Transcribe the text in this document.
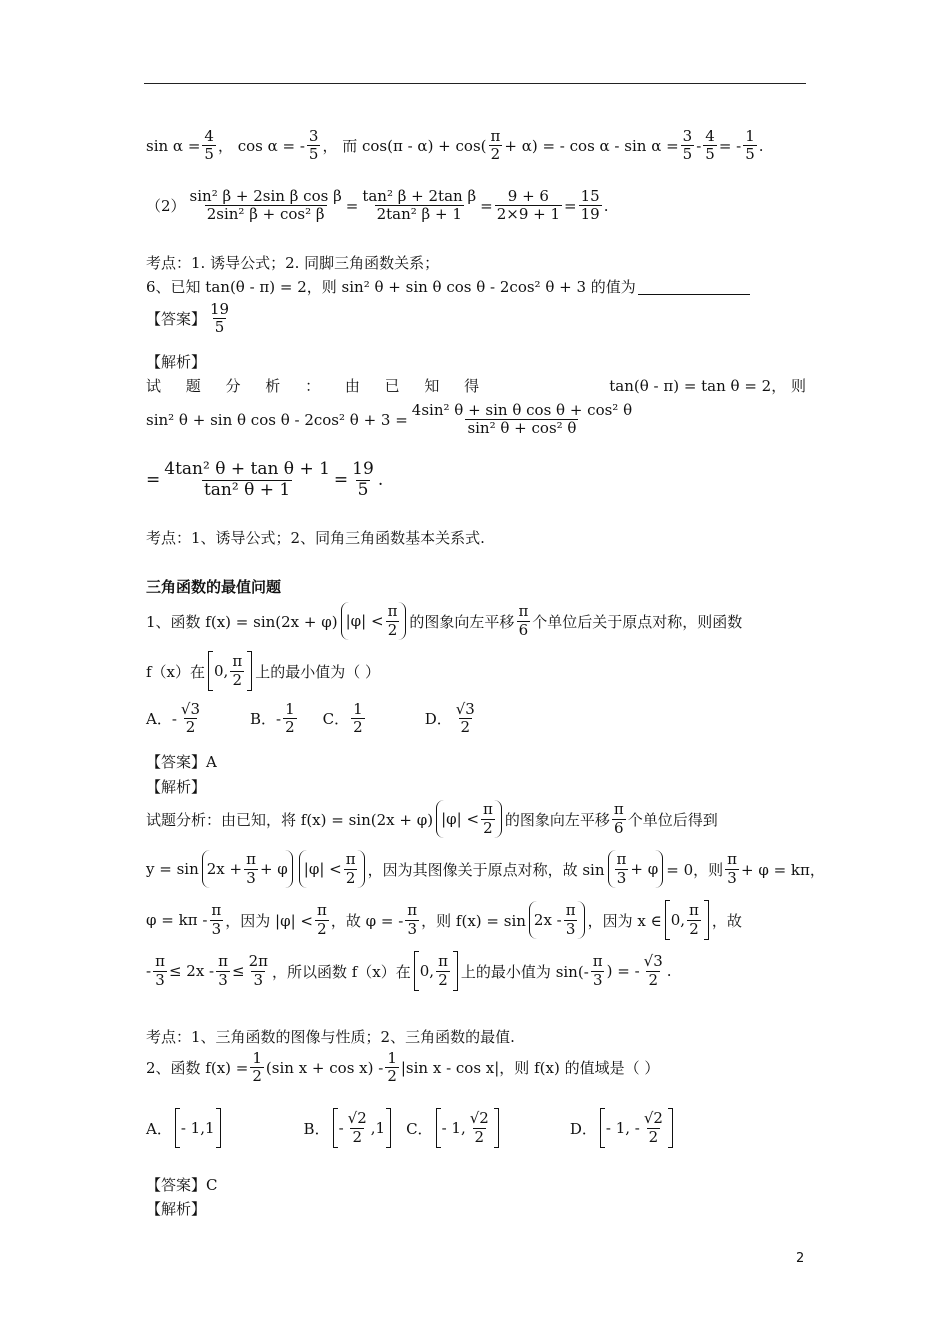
$\sin \alpha = \frac{4}{5}$ ， cos α = - $\frac{3}{5}$ ， 而 $\cos(\pi - \alpha) + \cos( \frac{\pi}{2} + \alpha)$ = - $\cos \alpha - \sin \alpha = \frac{3}{5} - \frac{4}{5}$ = - $\frac{1}{5}$ .
$(2) \frac{\text{sin² β + 2sin β cos β}}{\text{2sin² β + cos² β}} = \frac{\text{tan² β + 2tan β}}{\text{2tan² β + 1}} = \frac{9 + 6}{2\times 9 + 1} = \frac{15}{19}$ .
考点：1. 诱导公式；2. 同脚三角函数关系；
6、已知 tan(θ - π) = 2，则 sin² θ + sin θ cos θ - 2cos² θ + 3 的值为
【答案】 $\frac{19}{5}$
【解析】
试 题 分 析 ： 由 已 知 得	tan(θ - π) = tan θ = 2， 则
sin² θ + sin θ cos θ - 2cos² $\theta + 3 = \frac{\text{4sin² θ + sin θ cos θ + cos² θ}}{\text{sin² θ + cos² θ}}$
= $\frac{\text{4tan² θ + tan θ + 1}}{\text{tan² θ + 1}} = \frac{19}{5}$ .
考点：1、诱导公式；2、同角三角函数基本关系式.
三角函数的最值问题
1、函数 f(x) = sin(2x + φ) $|\varphi| < \frac{\pi}{2}$ 的图象向左平移 $\frac{\pi}{6}$ 个单位后关于原点对称，则函数
f（x）在 0, $\frac{\pi}{2}$ 上的最小值为（ ）
A．- $\frac{√3}{2}$	B．- $\frac{1}{2}$ C． $\frac{1}{2}$	D． $\frac{√3}{2}$
【答案】A
【解析】
试题分析：由已知，将 f(x) = sin(2x + φ) $|\varphi| < \frac{\pi}{2}$ 的图象向左平移 $\frac{\pi}{6}$ 个单位后得到
$y = \sin 2x + \frac{\pi}{3} + \varphi$ $|\varphi| < \frac{\pi}{2}$ ，因为其图像关于原点对称，故 $\sin \frac{\pi}{3} + \varphi = 0$，则 $\frac{\pi}{3} + \varphi = k\pi$，
$\varphi = k\pi - \frac{\pi}{3}$ ，因为 $|\varphi| < \frac{\pi}{2}$ ，故 φ = - $\frac{\pi}{3}$ ，则 $f(x) = \sin 2x - \frac{\pi}{3}$ ，因为 x ∈ 0, $\frac{\pi}{2}$ ，故
- $\frac{\pi}{3} \le 2x - \frac{\pi}{3} \le \frac{2\pi}{3}$ ，所以函数 f（x）在 0, $\frac{\pi}{2}$ 上的最小值为 $\sin(- \frac{\pi}{3}$ ) = - $\frac{√3}{2}$ .
考点：1、三角函数的图像与性质；2、三角函数的最值.
2、函数 $f(x) = \frac{1}{2} (\sin$ $x + \cos x) - \frac{1}{2} |\sin$ x - cos x|，则 f(x) 的值域是（ ）
A． - 1,1	B． - $\frac{√2}{2} ,1$ C． - 1, $\frac{√2}{2}$	D． - 1, - $\frac{√2}{2}$
【答案】C
【解析】
2
